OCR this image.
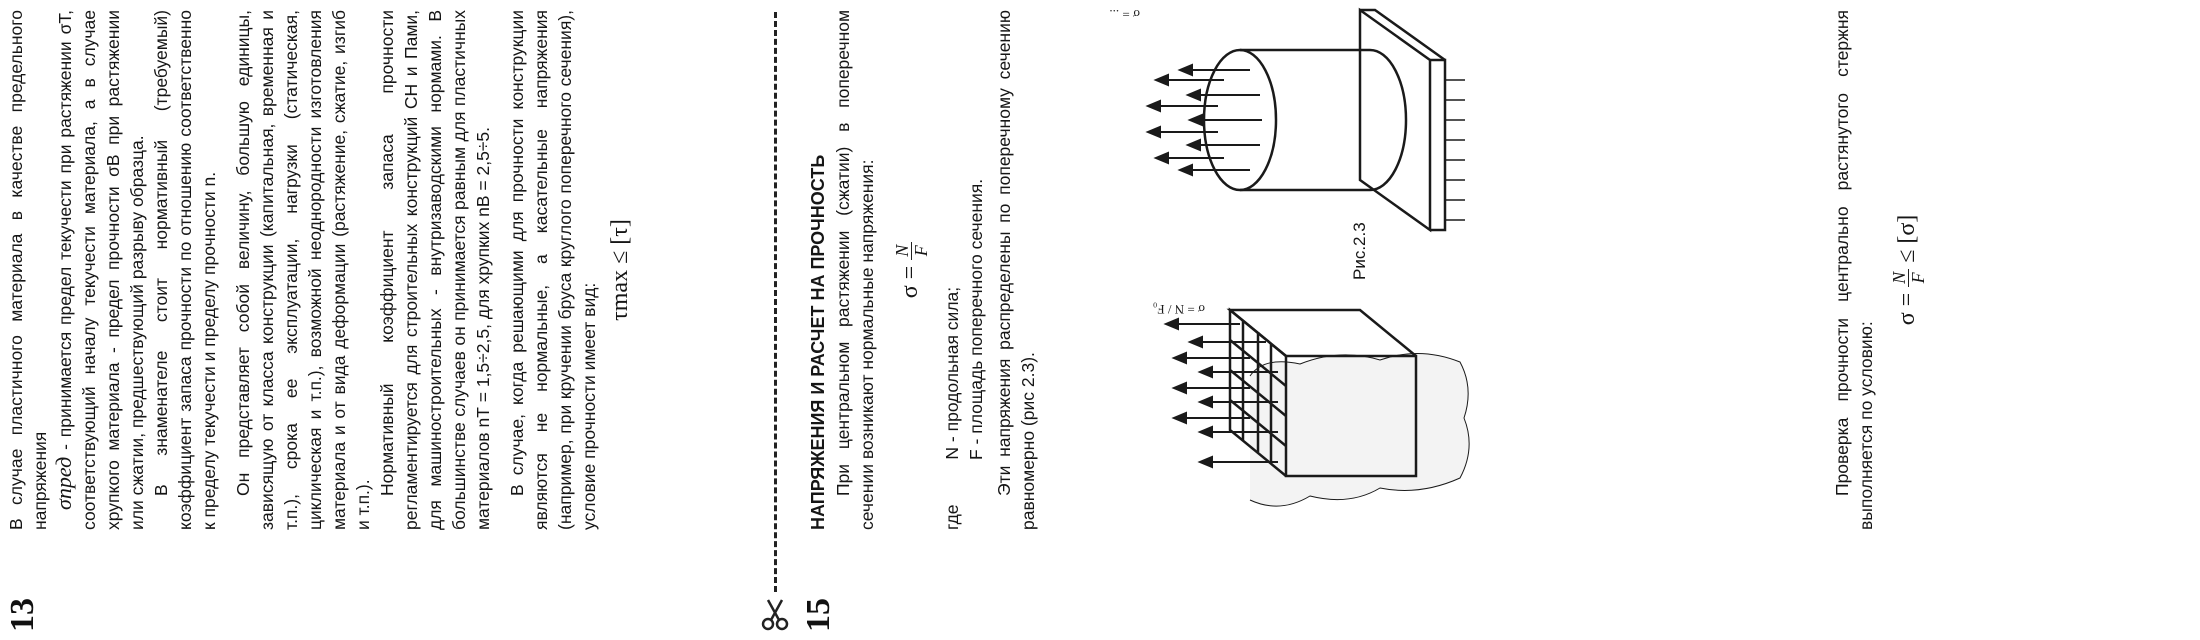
13

В случае пластичного материала в качестве предельного напряжения σпред - принимается предел текучести при растяжении σТ, соответствующий началу текучести материала, а в случае хрупкого материала - предел прочности σВ при растяжении или сжатии, предшествующий разрыву образца. В знаменателе стоит нормативный (требуемый) коэффициент запаса прочности по отношению соответственно к пределу текучести и пределу прочности n. Он представляет собой величину, большую единицы, зависящую от класса конструкции (капитальная, временная и т.п.), срока ее эксплуатации, нагрузки (статическая, циклическая и т.п.), возможной неоднородности изготовления материала и от вида деформации (растяжение, сжатие, изгиб и т.п.).

Нормативный коэффициент запаса прочности регламентируется для строительных конструкций СН и Пами, для машиностроительных - внутризаводскими нормами. В большинстве случаев он принимается равным для пластичных материалов nТ = 1,5÷2,5, для хрупких nВ = 2,5÷5. В случае, когда решающими для прочности конструкции являются не нормальные, а касательные напряжения (например, при кручении бруса круглого поперечного сечения), условие прочности имеет вид:

τmax ≤ [τ]
15
НАПРЯЖЕНИЯ И РАСЧЕТ НА ПРОЧНОСТЬ При центральном растяжении (сжатии) в поперечном сечении возникают нормальные напряжения: σ =
N F
где N - продольная сила; F - площадь поперечного сечения. Эти напряжения распределены по поперечному сечению равномерно (рис 2.3).

σ = N / F₀
σ = ...
Рис.2.3	Проверка прочности центрально растянутого стержня выполняется по условию:

σ =
N F
≤ [σ]
